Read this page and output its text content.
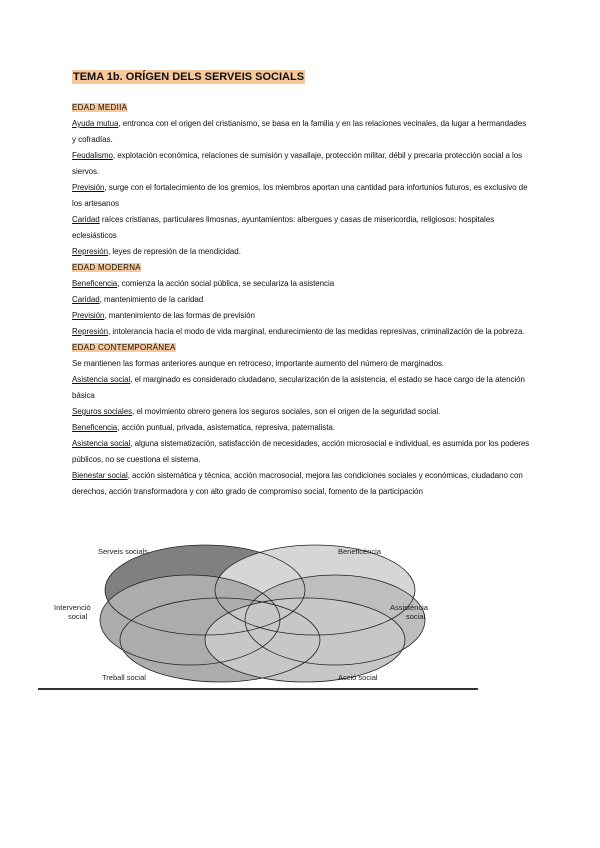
TEMA 1b. ORÍGEN DELS SERVEIS SOCIALS

EDAD MEDIIA

Ayuda mutua, entronca con el origen del cristianismo, se basa en la familia y en las relaciones vecinales, da lugar a hermandades y cofradías.

Feudalismo, explotación económica, relaciones de sumisión y vasallaje, protección militar, débil y precaria protección social a los siervos.

Previsión, surge con el fortalecimiento de los gremios, los miembros aportan una cantidad para infortunios futuros, es exclusivo de los artesanos

Caridad raíces cristianas, particulares limosnas, ayuntamientos: albergues y casas de misericordia, religiosos: hospitales eclesiásticos

Represión, leyes de represión de la mendicidad.

EDAD MODERNA

Beneficencia, comienza la acción social pública, se seculariza la asistencia

Caridad, mantenimiento de la caridad

Previsión, mantenimiento de las formas de previsión

Represión, intolerancia hacia el modo de vida marginal, endurecimiento de las medidas represivas, criminalización de la pobreza.

EDAD CONTEMPORÁNEA

Se mantienen las formas anteriores aunque en retroceso, importante aumento del número de marginados.

Asistencia social, el marginado es considerado ciudadano, secularización de la asistencia, el estado se hace cargo de la atención básica

Seguros sociales, el movimiento obrero genera los seguros sociales, son el origen de la seguridad social.

Beneficencia, acción puntual, privada, asistematica, represiva, paternalista.

Asistencia social, alguna sistematización, satisfacción de necesidades, acción microsocial e individual, es asumida por los poderes públicos, no se cuestiona el sistema.

Bienestar social, acción sistemática y técnica, acción macrosocial, mejora las condiciones sociales y económicas, ciudadano con derechos, acción transformadora y con alto grado de compromiso social, fomento de la participación

Serveis socials	Beneficència
Intervenció
social
Assistència
social
Treball social	Acció social
